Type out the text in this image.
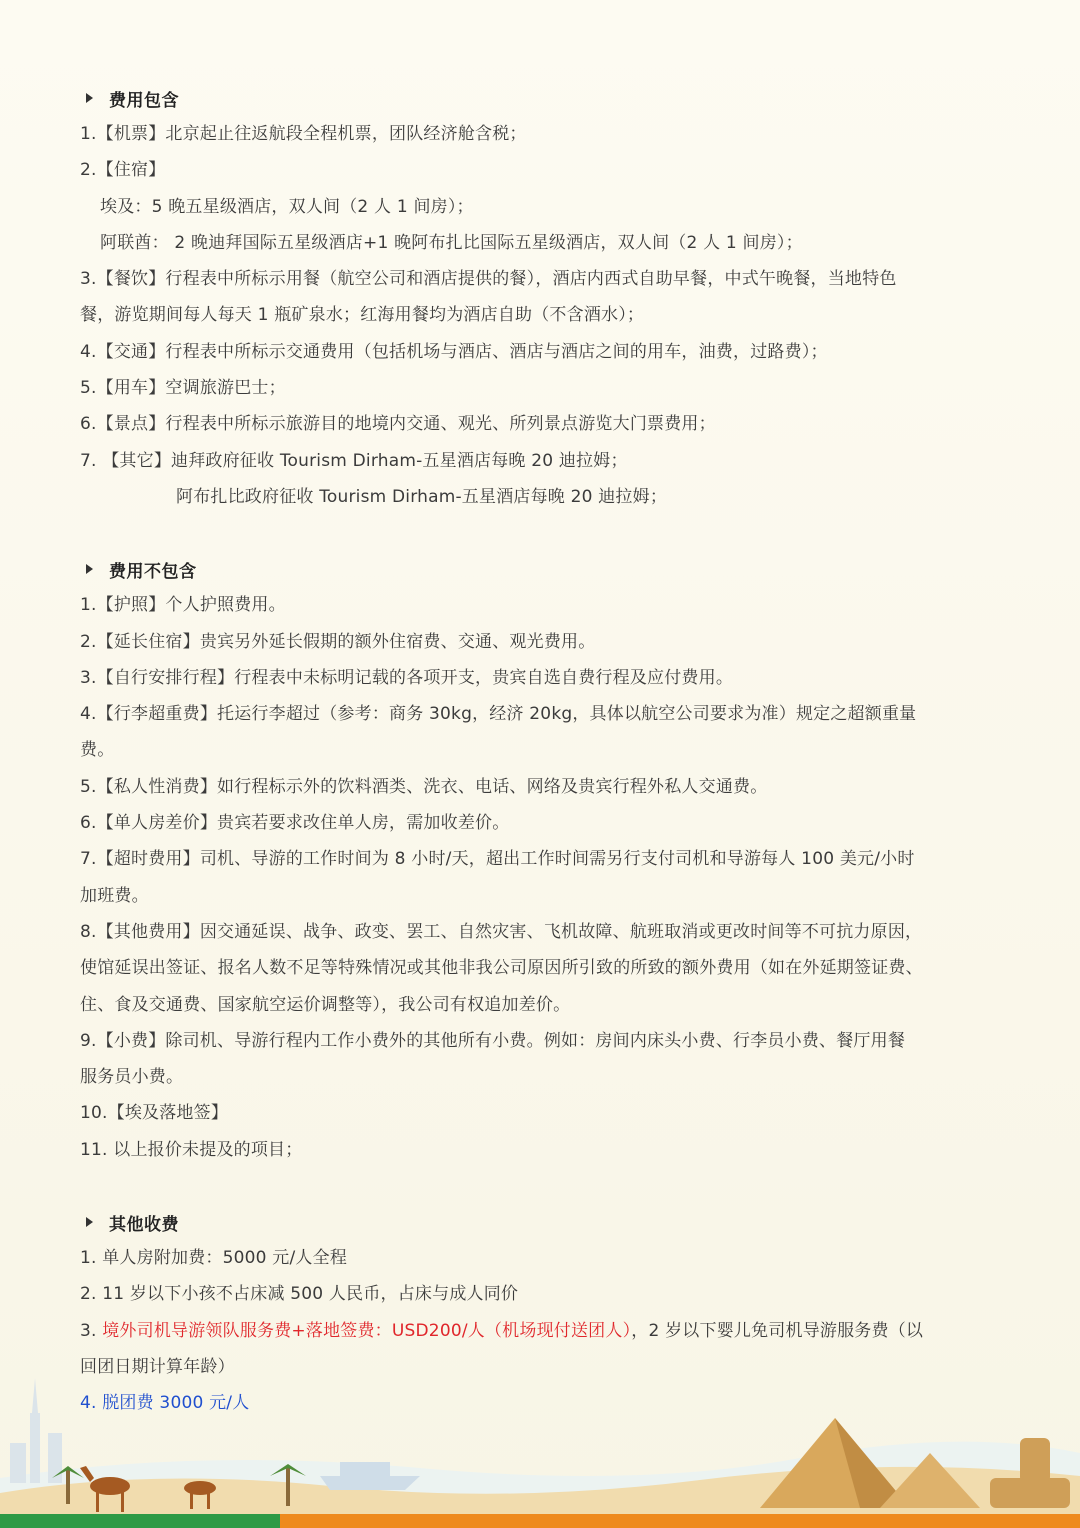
费用包含
1.【机票】北京起止往返航段全程机票，团队经济舱含税；
2.【住宿】
埃及：5 晚五星级酒店，双人间（2 人 1 间房）；
阿联酋： 2 晚迪拜国际五星级酒店+1 晚阿布扎比国际五星级酒店，双人间（2 人 1 间房）；
3.【餐饮】行程表中所标示用餐（航空公司和酒店提供的餐），酒店内西式自助早餐，中式午晚餐，当地特色
餐，游览期间每人每天 1 瓶矿泉水；红海用餐均为酒店自助（不含酒水）；
4.【交通】行程表中所标示交通费用（包括机场与酒店、酒店与酒店之间的用车，油费，过路费）；
5.【用车】空调旅游巴士；
6.【景点】行程表中所标示旅游目的地境内交通、观光、所列景点游览大门票费用；
7. 【其它】迪拜政府征收 Tourism Dirham-五星酒店每晚 20 迪拉姆；
阿布扎比政府征收 Tourism Dirham-五星酒店每晚 20 迪拉姆；
费用不包含
1.【护照】个人护照费用。
2.【延长住宿】贵宾另外延长假期的额外住宿费、交通、观光费用。
3.【自行安排行程】行程表中未标明记载的各项开支，贵宾自选自费行程及应付费用。
4.【行李超重费】托运行李超过（参考：商务 30kg，经济 20kg，具体以航空公司要求为准）规定之超额重量
费。
5.【私人性消费】如行程标示外的饮料酒类、洗衣、电话、网络及贵宾行程外私人交通费。
6.【单人房差价】贵宾若要求改住单人房，需加收差价。
7.【超时费用】司机、导游的工作时间为 8 小时/天，超出工作时间需另行支付司机和导游每人 100 美元/小时
加班费。
8.【其他费用】因交通延误、战争、政变、罢工、自然灾害、飞机故障、航班取消或更改时间等不可抗力原因，
使馆延误出签证、报名人数不足等特殊情况或其他非我公司原因所引致的所致的额外费用（如在外延期签证费、
住、食及交通费、国家航空运价调整等），我公司有权追加差价。
9.【小费】除司机、导游行程内工作小费外的其他所有小费。例如：房间内床头小费、行李员小费、餐厅用餐
服务员小费。
10.【埃及落地签】
11. 以上报价未提及的项目；
其他收费
1. 单人房附加费：5000 元/人全程
2. 11 岁以下小孩不占床减 500 人民币，占床与成人同价
3. 境外司机导游领队服务费+落地签费：USD200/人（机场现付送团人），2 岁以下婴儿免司机导游服务费（以
回团日期计算年龄）
4. 脱团费 3000 元/人
